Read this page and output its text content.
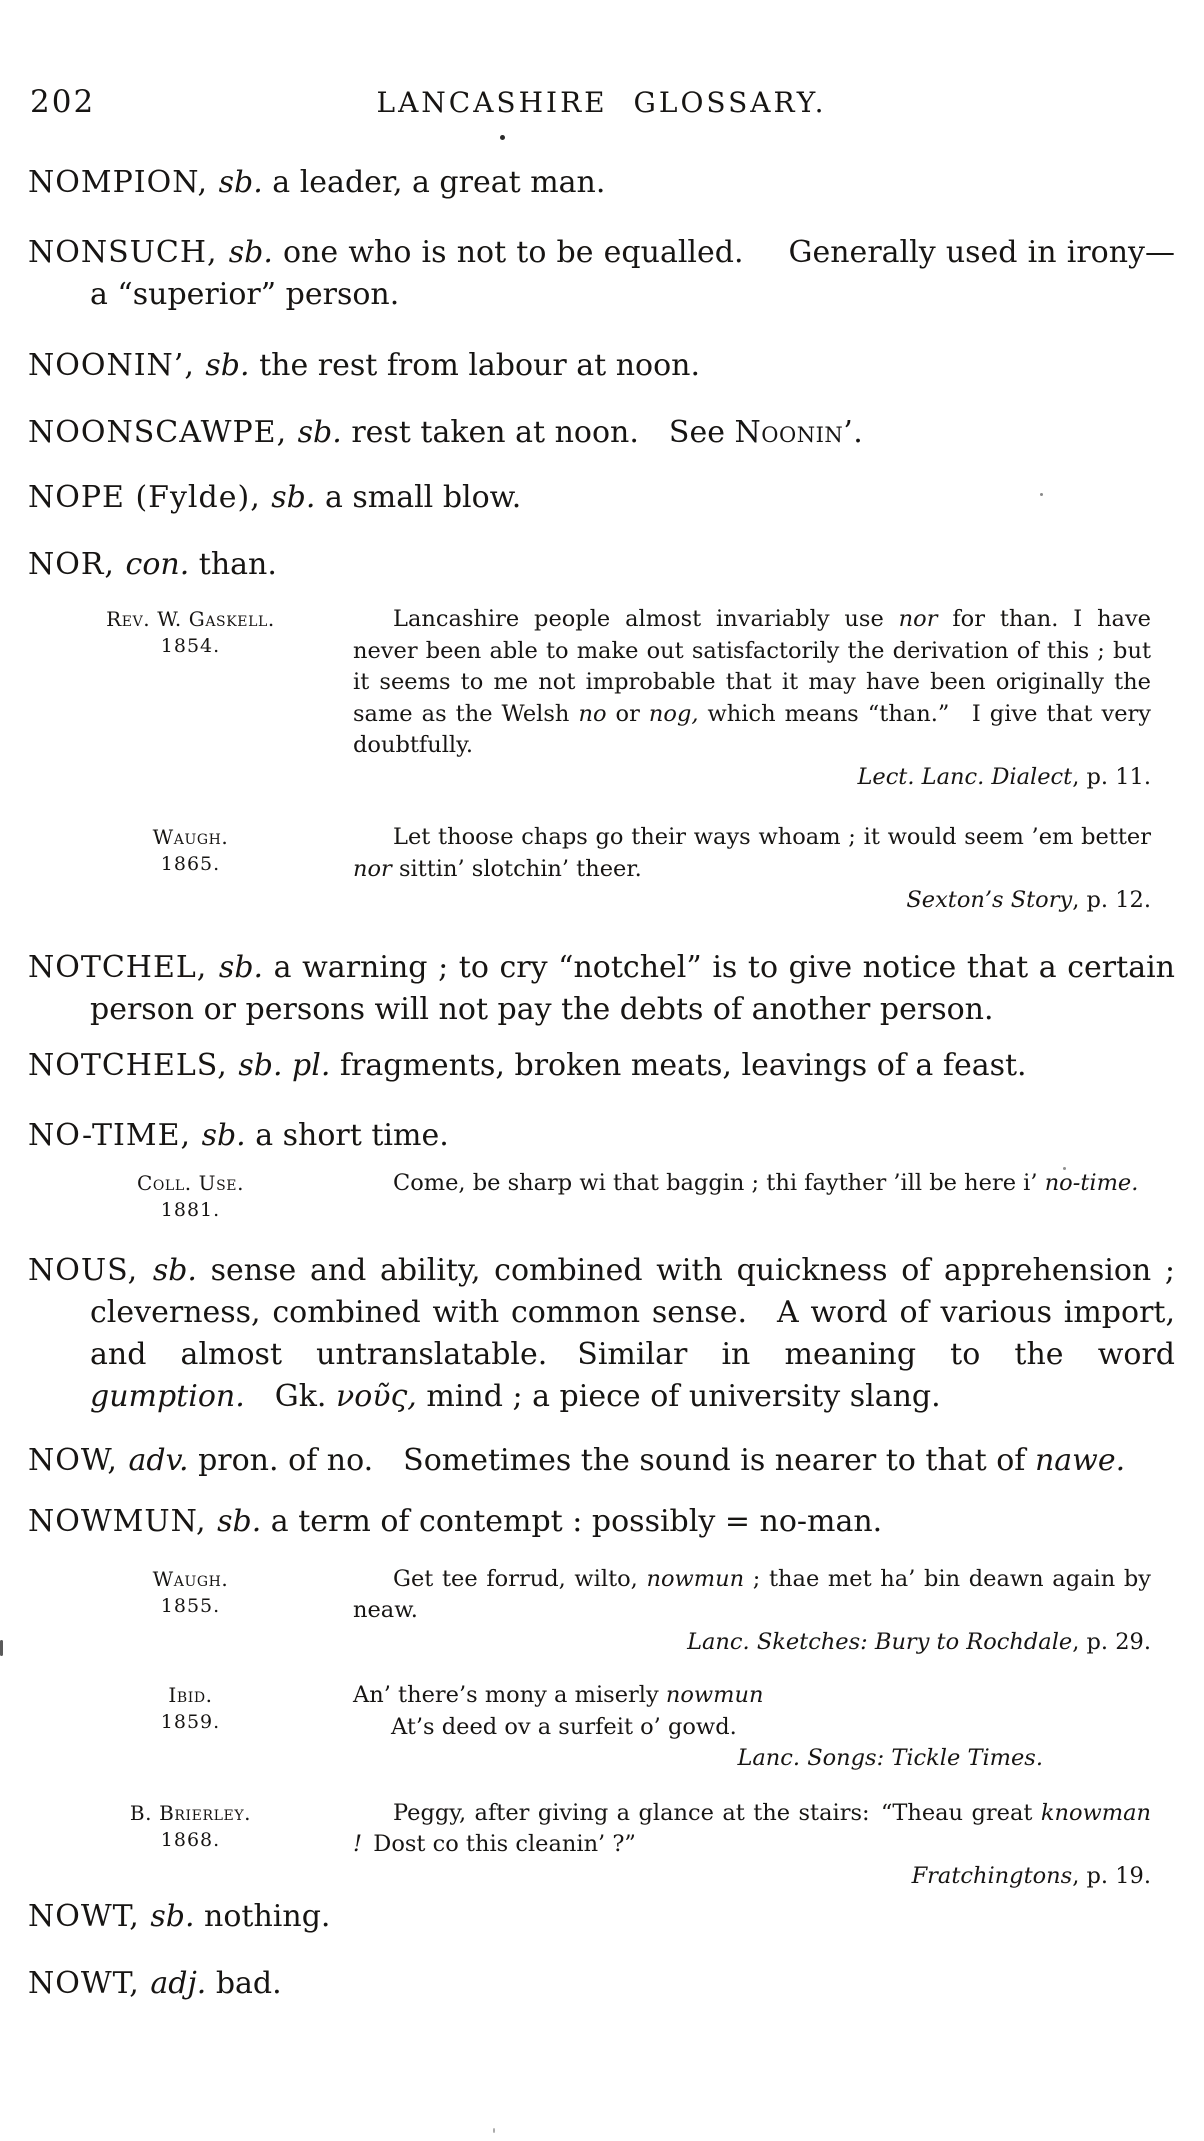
202	LANCASHIRE GLOSSARY.

NOMPION, sb. a leader, a great man.

NONSUCH, sb. one who is not to be equalled.  Generally used in irony—a “superior” person.

NOONIN’, sb. the rest from labour at noon.

NOONSCAWPE, sb. rest taken at noon. See Noonin’.

NOPE (Fylde), sb. a small blow.

NOR, con. than.

Rev. W. Gaskell.
1854.
Lancashire people almost invariably use nor for than. I have never been able to make out satisfactorily the derivation of this ; but it seems to me not improbable that it may have been originally the same as the Welsh no or nog, which means “than.”  I give that very doubtfully.
Lect. Lanc. Dialect, p. 11.
Waugh.
1865.
Let thoose chaps go their ways whoam ; it would seem ’em better nor sittin’ slotchin’ theer.
Sexton’s Story, p. 12.

NOTCHEL, sb. a warning ; to cry “notchel” is to give notice that a certain person or persons will not pay the debts of another person.

NOTCHELS, sb. pl. fragments, broken meats, leavings of a feast.

NO-TIME, sb. a short time.

Coll. Use.
1881.
Come, be sharp wi that baggin ; thi fayther ’ill be here i’ no-time.

NOUS, sb. sense and ability, combined with quickness of apprehension ; cleverness, combined with common sense.  A word of various import, and almost untranslatable. Similar in meaning to the word gumption. Gk. νοῦς, mind ; a piece of university slang.

NOW, adv. pron. of no. Sometimes the sound is nearer to that of nawe.

NOWMUN, sb. a term of contempt : possibly = no-man.

Waugh.
1855.
Get tee forrud, wilto, nowmun ; thae met ha’ bin deawn again by neaw.
Lanc. Sketches: Bury to Rochdale, p. 29.
Ibid.
1859.
An’ there’s mony a miserly nowmun
At’s deed ov a surfeit o’ gowd.
Lanc. Songs: Tickle Times.
B. Brierley.
1868.
Peggy, after giving a glance at the stairs: “Theau great knowman ! Dost co this cleanin’ ?”
Fratchingtons, p. 19.

NOWT, sb. nothing.

NOWT, adj. bad.
